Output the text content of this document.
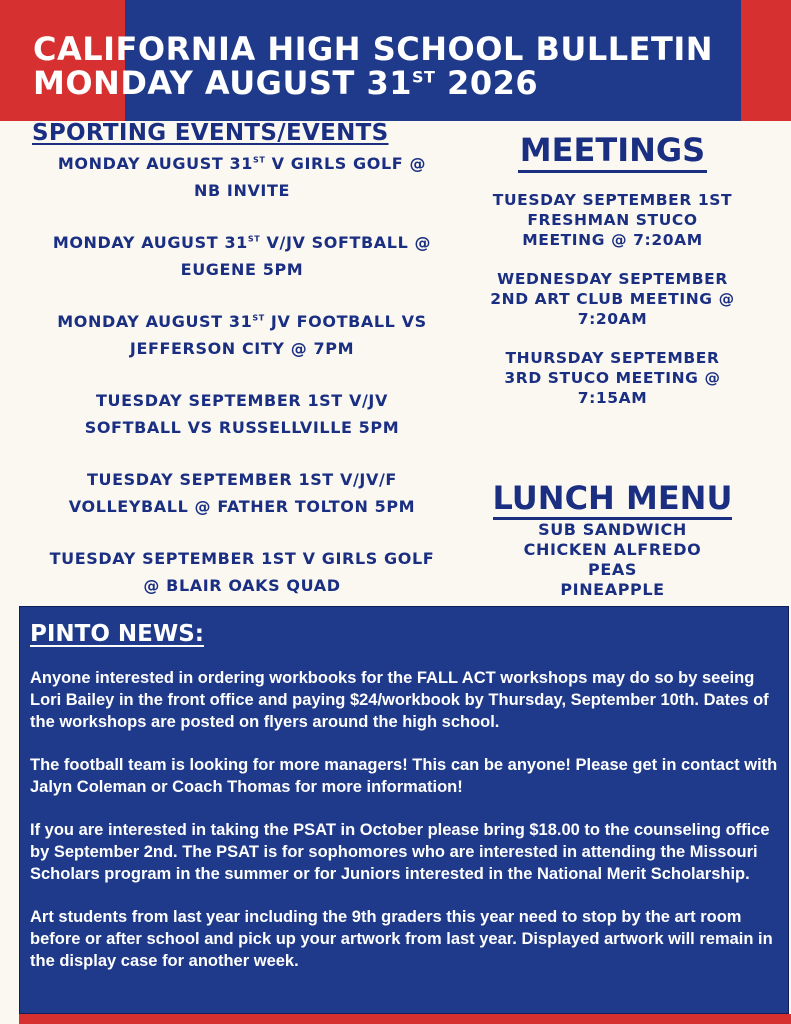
CALIFORNIA HIGH SCHOOL BULLETIN
MONDAY AUGUST 31ST 2026
SPORTING EVENTS/EVENTS
MONDAY AUGUST 31ST V GIRLS GOLF @
NB INVITE
MONDAY AUGUST 31ST V/JV SOFTBALL @
EUGENE 5PM
MONDAY AUGUST 31ST JV FOOTBALL VS
JEFFERSON CITY @ 7PM
TUESDAY SEPTEMBER 1ST V/JV
SOFTBALL VS RUSSELLVILLE 5PM
TUESDAY SEPTEMBER 1ST V/JV/F
VOLLEYBALL @ FATHER TOLTON 5PM
TUESDAY SEPTEMBER 1ST V GIRLS GOLF
@ BLAIR OAKS QUAD
MEETINGS
TUESDAY SEPTEMBER 1ST
FRESHMAN STUCO
MEETING @ 7:20AM
WEDNESDAY SEPTEMBER
2ND ART CLUB MEETING @
7:20AM
THURSDAY SEPTEMBER
3RD STUCO MEETING @
7:15AM
LUNCH MENU
SUB SANDWICH
CHICKEN ALFREDO
PEAS
PINEAPPLE
PINTO NEWS:

Anyone interested in ordering workbooks for the FALL ACT workshops may do so by seeing Lori Bailey in the front office and paying $24/workbook by Thursday, September 10th. Dates of the workshops are posted on flyers around the high school.

The football team is looking for more managers! This can be anyone! Please get in contact with Jalyn Coleman or Coach Thomas for more information!

If you are interested in taking the PSAT in October please bring $18.00 to the counseling office by September 2nd. The PSAT is for sophomores who are interested in attending the Missouri Scholars program in the summer or for Juniors interested in the National Merit Scholarship.

Art students from last year including the 9th graders this year need to stop by the art room before or after school and pick up your artwork from last year. Displayed artwork will remain in the display case for another week.
